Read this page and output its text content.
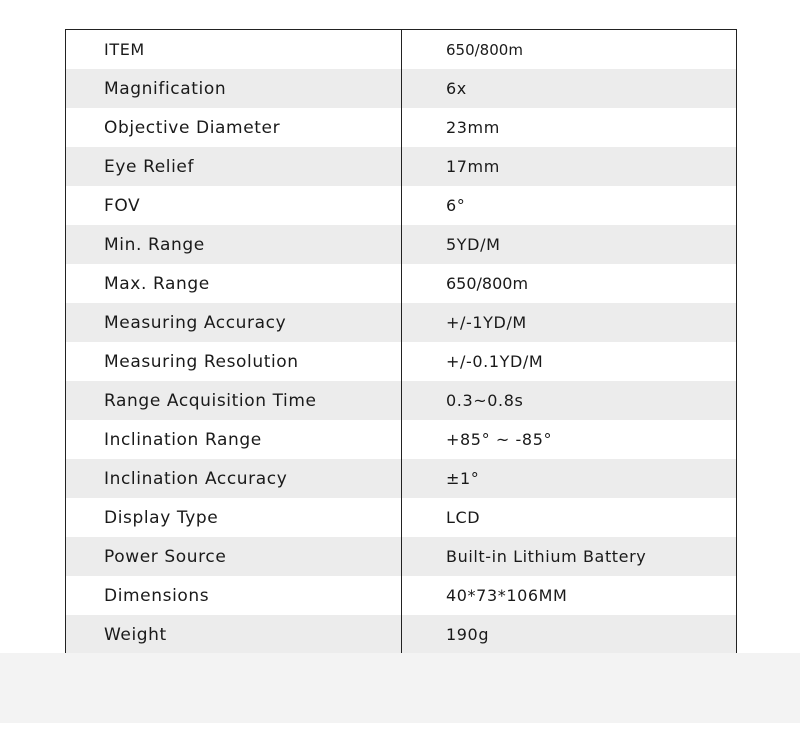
ITEM	650/800m
Magnification	6x
Objective Diameter	23mm
Eye Relief	17mm
FOV	6°
Min. Range	5YD/M
Max. Range	650/800m
Measuring Accuracy	+/-1YD/M
Measuring Resolution	+/-0.1YD/M
Range Acquisition Time	0.3~0.8s
Inclination Range	+85° ~ -85°
Inclination Accuracy	±1°
Display Type	LCD
Power Source	Built-in Lithium Battery
Dimensions	40*73*106MM
Weight	190g
